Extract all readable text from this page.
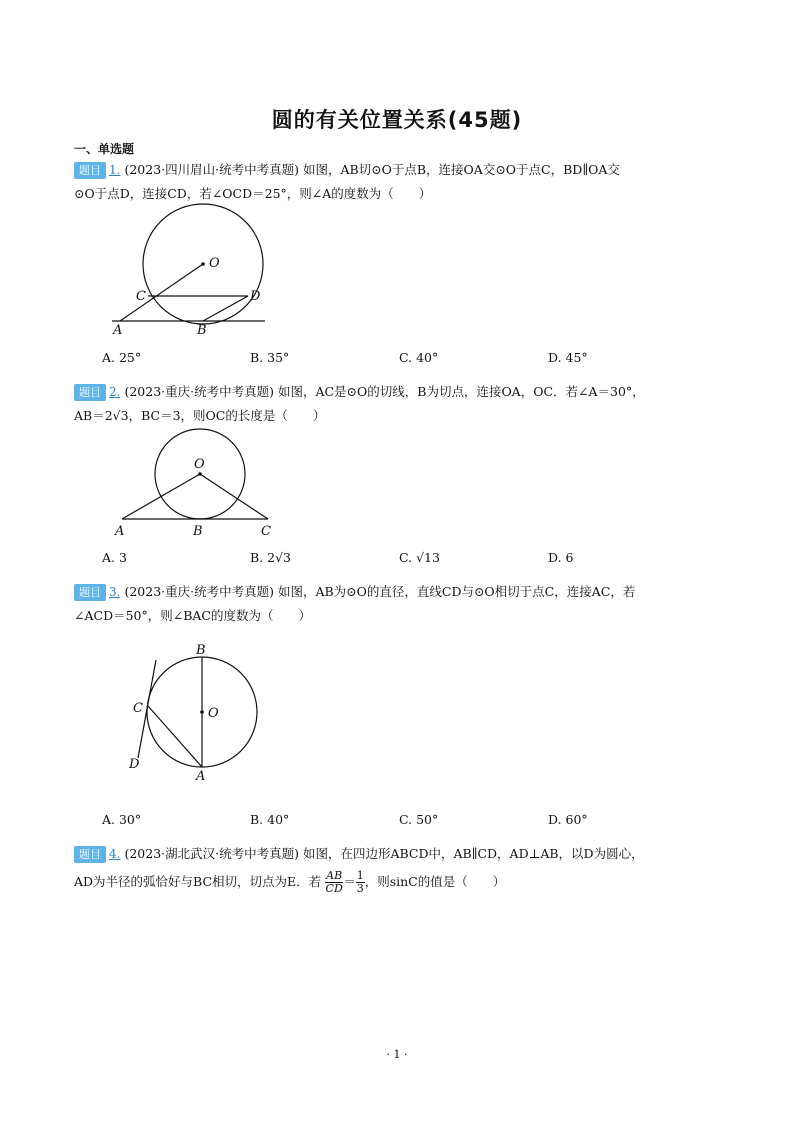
圆的有关位置关系(45题)
一、单选题
题目 1. (2023·四川眉山·统考中考真题) 如图，AB切⊙O于点B，连接OA交⊙O于点C，BD∥OA交
⊙O于点D，连接CD，若∠OCD＝25°，则∠A的度数为（　　）
O
C	D
A	B
A. 25°	B. 35°	C. 40°	D. 45°
题目 2. (2023·重庆·统考中考真题) 如图，AC是⊙O的切线，B为切点，连接OA，OC．若∠A＝30°，
AB＝2√3，BC＝3，则OC的长度是（　　）
O
A	B	C
A. 3	B. 2√3	C. √13	D. 6
题目 3. (2023·重庆·统考中考真题) 如图，AB为⊙O的直径，直线CD与⊙O相切于点C，连接AC，若
∠ACD＝50°，则∠BAC的度数为（　　）
B
O
C
D
A
A. 30°	B. 40°	C. 50°	D. 60°
题目 4. (2023·湖北武汉·统考中考真题) 如图，在四边形ABCD中，AB∥CD，AD⊥AB，以D为圆心，
AD为半径的弧恰好与BC相切，切点为E．若 $\frac{AB}{CD} = \frac{1}{3}$ ，则sinC的值是（　　）
· 1 ·
